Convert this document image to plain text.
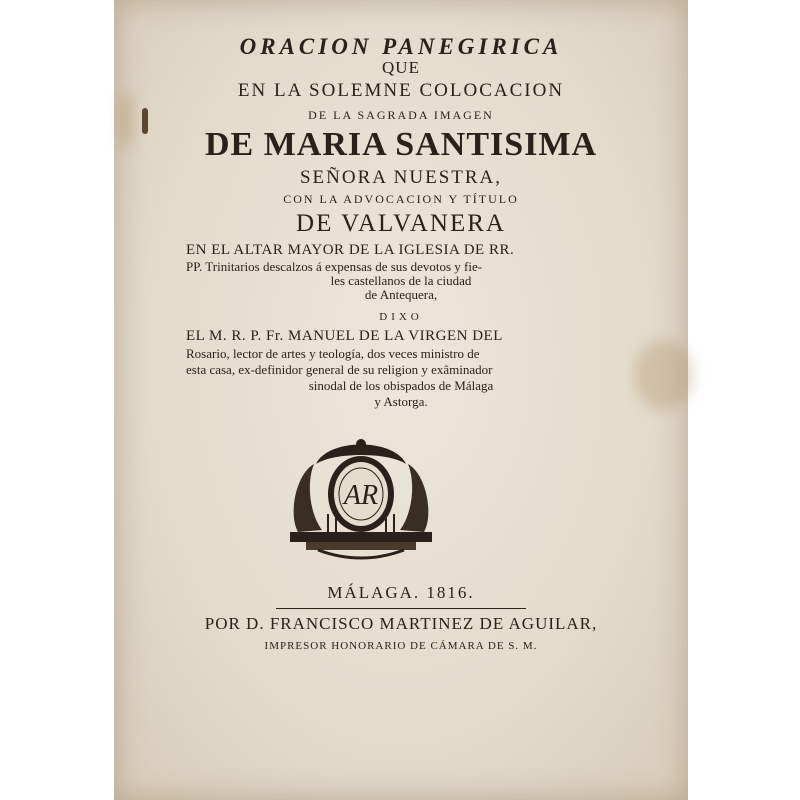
ORACION PANEGIRICA
QUE
EN LA SOLEMNE COLOCACION
DE LA SAGRADA IMAGEN
DE MARIA SANTISIMA
SEÑORA NUESTRA,
CON LA ADVOCACION Y TÍTULO
DE VALVANERA
EN EL ALTAR MAYOR DE LA IGLESIA DE RR.
PP. Trinitarios descalzos á expensas de sus devotos y fie-
les castellanos de la ciudad
de Antequera,
DIXO
EL M. R. P. Fr. MANUEL DE LA VIRGEN DEL
Rosario, lector de artes y teología, dos veces ministro de
esta casa, ex-definidor general de su religion y exâminador
sinodal de los obispados de Málaga
y Astorga.
AR
MÁLAGA. 1816.
POR D. FRANCISCO MARTINEZ DE AGUILAR,
IMPRESOR HONORARIO DE CÁMARA DE S. M.
